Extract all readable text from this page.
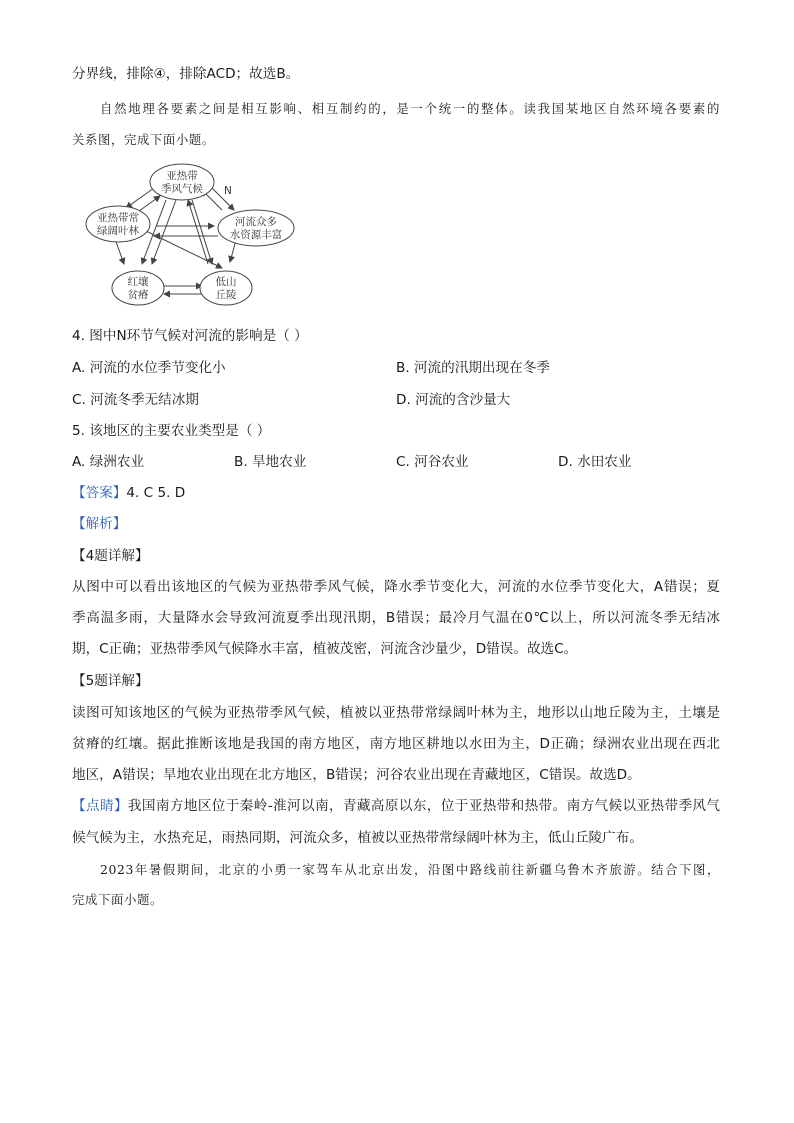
分界线，排除④，排除ACD；故选B。
自然地理各要素之间是相互影响、相互制约的，是一个统一的整体。读我国某地区自然环境各要素的
关系图，完成下面小题。
亚热带
季风气候
亚热带常
绿阔叶林
河流众多
水资源丰富
红壤
贫瘠
低山
丘陵
N
4. 图中N环节气候对河流的影响是（ ）
A. 河流的水位季节变化小	B. 河流的汛期出现在冬季
C. 河流冬季无结冰期	D. 河流的含沙量大
5. 该地区的主要农业类型是（ ）
A. 绿洲农业	B. 旱地农业	C. 河谷农业	D. 水田农业
【答案】4. C 5. D
【解析】
【4题详解】
从图中可以看出该地区的气候为亚热带季风气候，降水季节变化大，河流的水位季节变化大，A错误；夏
季高温多雨，大量降水会导致河流夏季出现汛期，B错误；最冷月气温在0℃以上，所以河流冬季无结冰
期，C正确；亚热带季风气候降水丰富，植被茂密，河流含沙量少，D错误。故选C。
【5题详解】
读图可知该地区的气候为亚热带季风气候，植被以亚热带常绿阔叶林为主，地形以山地丘陵为主，土壤是
贫瘠的红壤。据此推断该地是我国的南方地区，南方地区耕地以水田为主，D正确；绿洲农业出现在西北
地区，A错误；旱地农业出现在北方地区，B错误；河谷农业出现在青藏地区，C错误。故选D。
【点睛】我国南方地区位于秦岭-淮河以南，青藏高原以东，位于亚热带和热带。南方气候以亚热带季风气
候气候为主，水热充足，雨热同期，河流众多，植被以亚热带常绿阔叶林为主，低山丘陵广布。
2023年暑假期间，北京的小勇一家驾车从北京出发，沿图中路线前往新疆乌鲁木齐旅游。结合下图，
完成下面小题。
